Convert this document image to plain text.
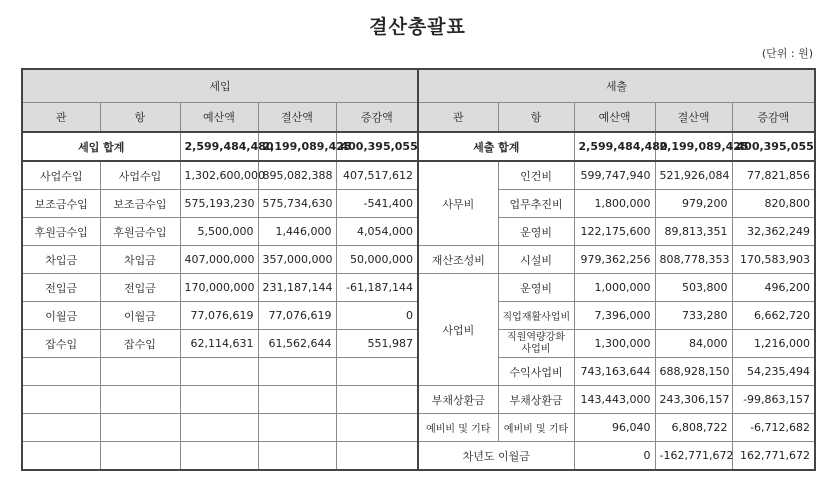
결산총괄표
(단위 : 원)
세입					세출				
관	항	예산액	결산액	증감액	관	항	예산액	결산액	증감액
세입 합계		2,599,484,480	2,199,089,425	400,395,055	세출 합계		2,599,484,480	2,199,089,425	400,395,055
사업수입	사업수입	1,302,600,000	895,082,388	407,517,612	사무비	인건비	599,747,940	521,926,084	77,821,856
보조금수입	보조금수입	575,193,230	575,734,630	-541,400		업무추진비	1,800,000	979,200	820,800
후원금수입	후원금수입	5,500,000	1,446,000	4,054,000		운영비	122,175,600	89,813,351	32,362,249
차입금	차입금	407,000,000	357,000,000	50,000,000	재산조성비	시설비	979,362,256	808,778,353	170,583,903
전입금	전입금	170,000,000	231,187,144	-61,187,144	사업비	운영비	1,000,000	503,800	496,200
이월금	이월금	77,076,619	77,076,619	0		직업재활사업비	7,396,000	733,280	6,662,720
잡수입	잡수입	62,114,631	61,562,644	551,987		직원역량강화사업비	1,300,000	84,000	1,216,000
						수익사업비	743,163,644	688,928,150	54,235,494
					부채상환금	부채상환금	143,443,000	243,306,157	-99,863,157
					예비비 및 기타	예비비 및 기타	96,040	6,808,722	-6,712,682
					차년도 이월금		0	-162,771,672	162,771,672
